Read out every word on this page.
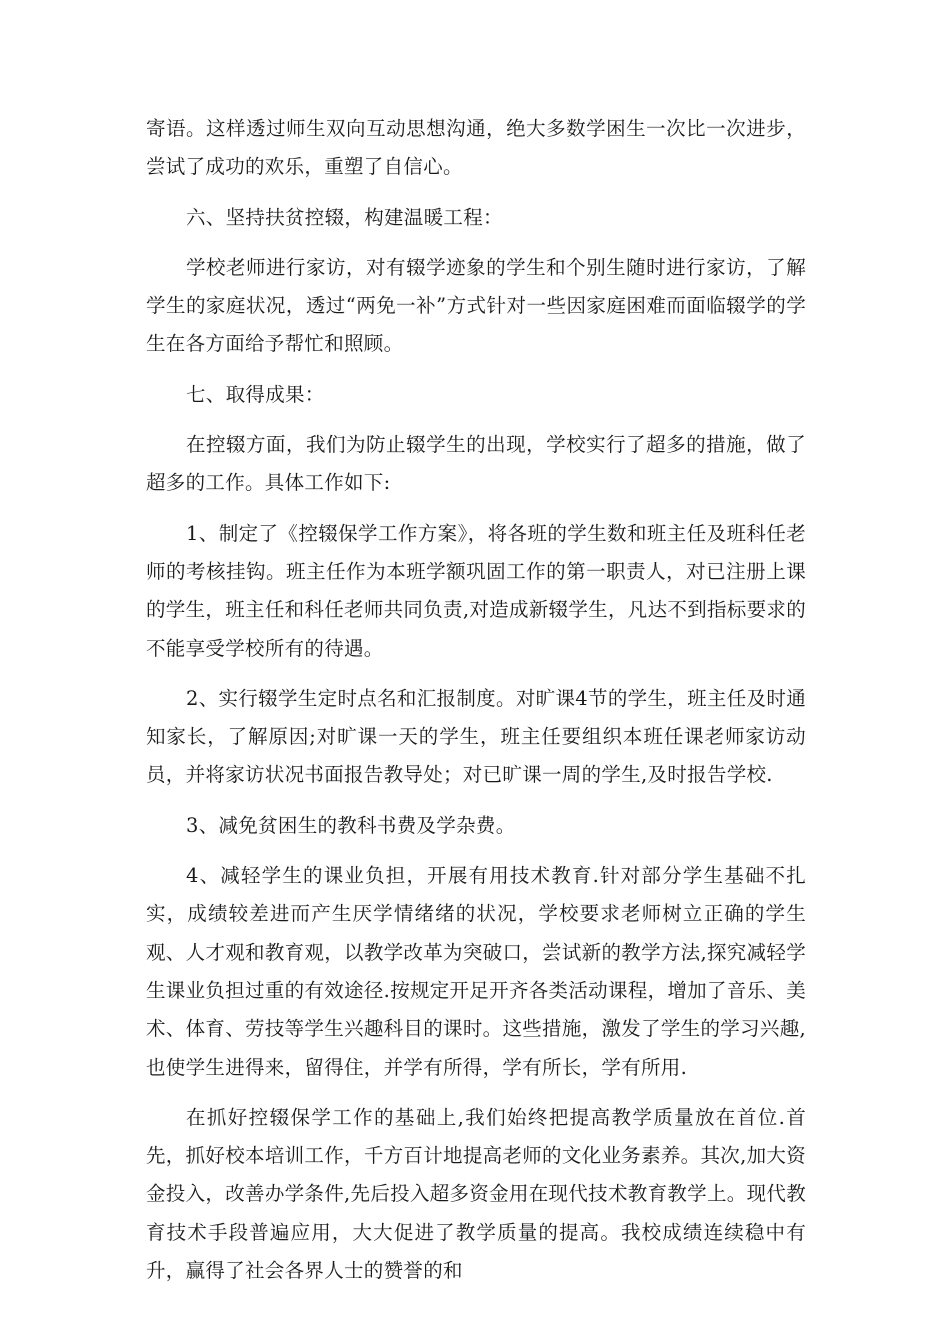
寄语。这样透过师生双向互动思想沟通，绝大多数学困生一次比一次进步，尝试了成功的欢乐，重塑了自信心。

六、坚持扶贫控辍，构建温暖工程：

学校老师进行家访，对有辍学迹象的学生和个别生随时进行家访，了解学生的家庭状况，透过“两免一补”方式针对一些因家庭困难而面临辍学的学生在各方面给予帮忙和照顾。

七、取得成果：

在控辍方面，我们为防止辍学生的出现，学校实行了超多的措施，做了超多的工作。具体工作如下:

1、制定了《控辍保学工作方案》，将各班的学生数和班主任及班科任老师的考核挂钩。班主任作为本班学额巩固工作的第一职责人，对已注册上课的学生，班主任和科任老师共同负责,对造成新辍学生，凡达不到指标要求的不能享受学校所有的待遇。

2、实行辍学生定时点名和汇报制度。对旷课4节的学生，班主任及时通知家长，了解原因;对旷课一天的学生，班主任要组织本班任课老师家访动员，并将家访状况书面报告教导处；对已旷课一周的学生,及时报告学校.

3、减免贫困生的教科书费及学杂费。

4、减轻学生的课业负担，开展有用技术教育.针对部分学生基础不扎实，成绩较差进而产生厌学情绪绪的状况，学校要求老师树立正确的学生观、人才观和教育观，以教学改革为突破口，尝试新的教学方法,探究减轻学生课业负担过重的有效途径.按规定开足开齐各类活动课程，增加了音乐、美术、体育、劳技等学生兴趣科目的课时。这些措施，激发了学生的学习兴趣,也使学生进得来，留得住，并学有所得，学有所长，学有所用.

在抓好控辍保学工作的基础上,我们始终把提高教学质量放在首位.首先，抓好校本培训工作，千方百计地提高老师的文化业务素养。其次,加大资金投入，改善办学条件,先后投入超多资金用在现代技术教育教学上。现代教育技术手段普遍应用，大大促进了教学质量的提高。我校成绩连续稳中有升，赢得了社会各界人士的赞誉的和
